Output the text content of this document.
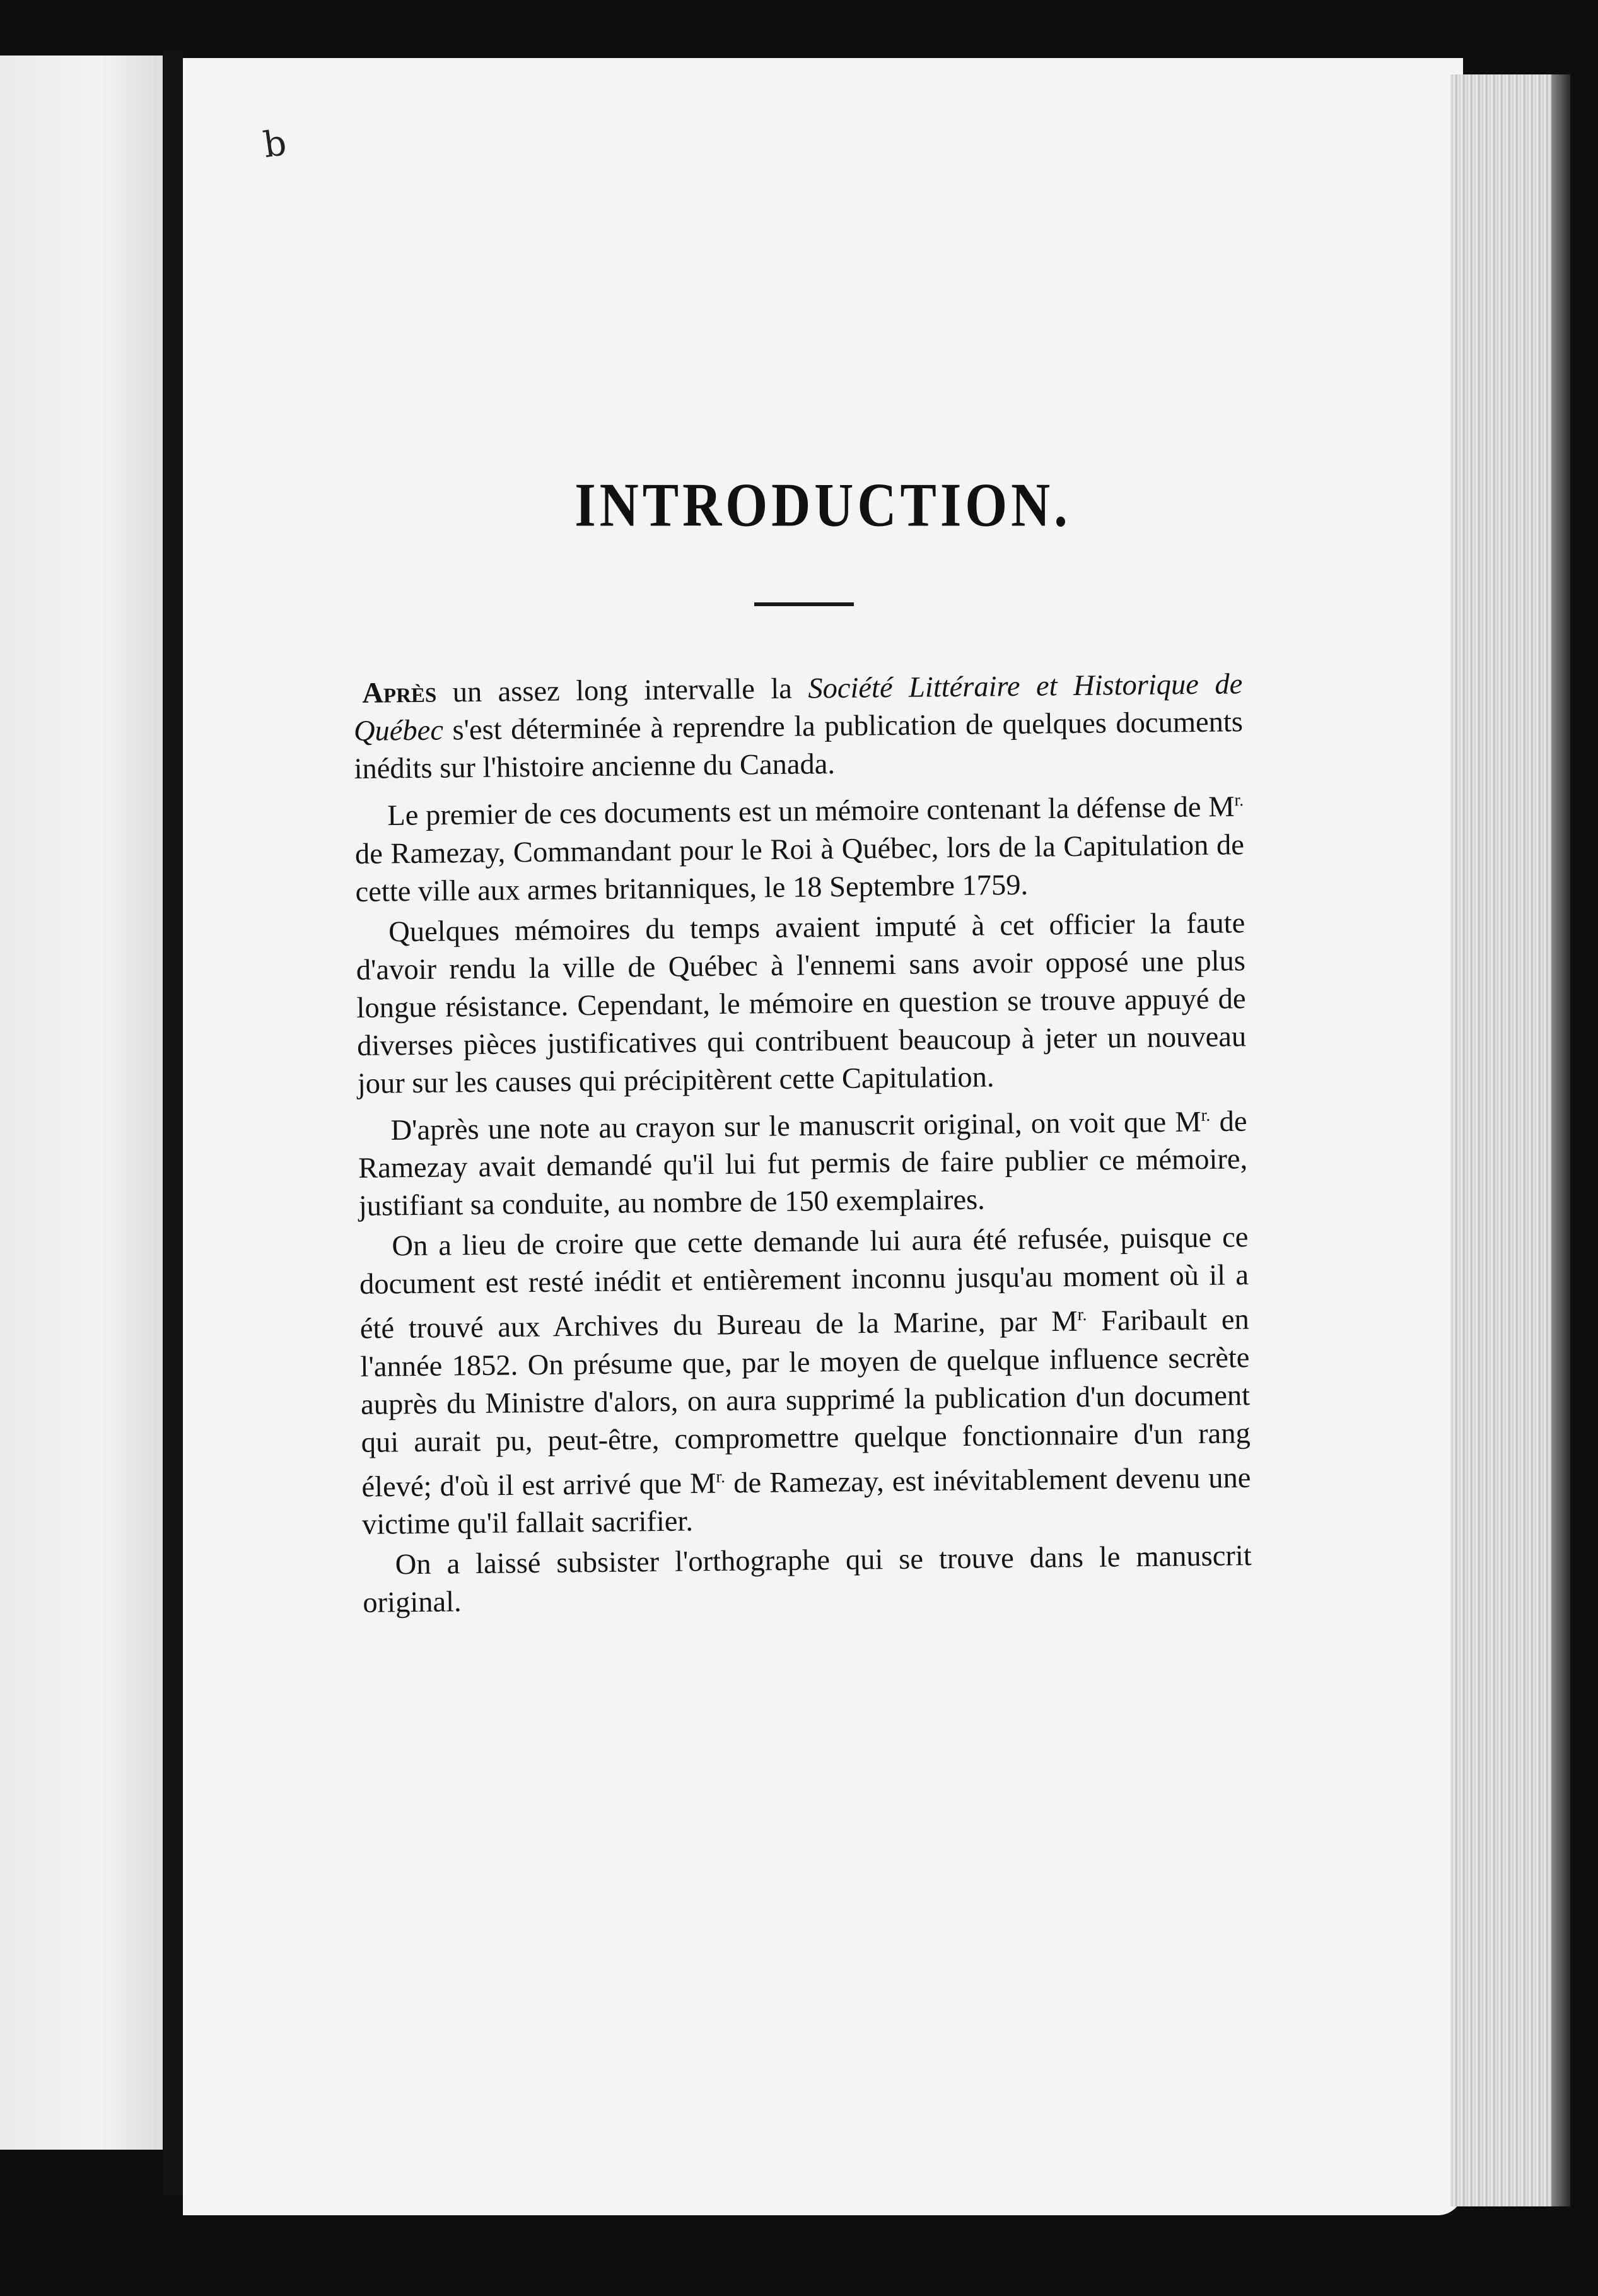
b
INTRODUCTION.

Après un assez long intervalle la Société Littéraire et Historique de Québec s'est déterminée à reprendre la publication de quelques documents inédits sur l'histoire ancienne du Canada.

Le premier de ces documents est un mémoire contenant la défense de $M^{r.}$ de Ramezay, Commandant pour le Roi à Québec, lors de la Capitulation de cette ville aux armes britanniques, le 18 Septembre 1759.

Quelques mémoires du temps avaient imputé à cet officier la faute d'avoir rendu la ville de Québec à l'ennemi sans avoir opposé une plus longue résistance. Cependant, le mémoire en question se trouve appuyé de diverses pièces justificatives qui contribuent beaucoup à jeter un nouveau jour sur les causes qui précipitèrent cette Capitulation.

D'après une note au crayon sur le manuscrit original, on voit que $M^{r.}$ de Ramezay avait demandé qu'il lui fut permis de faire publier ce mémoire, justifiant sa conduite, au nombre de 150 exemplaires.

On a lieu de croire que cette demande lui aura été refusée, puisque ce document est resté inédit et entièrement inconnu jusqu'au moment où il a été trouvé aux Archives du Bureau de la Marine, par $M^{r.}$ Faribault en l'année 1852. On présume que, par le moyen de quelque influence secrète auprès du Ministre d'alors, on aura supprimé la publication d'un document qui aurait pu, peut-être, compromettre quelque fonctionnaire d'un rang élevé; d'où il est arrivé que $M^{r.}$ de Ramezay, est inévitablement devenu une victime qu'il fallait sacrifier.

On a laissé subsister l'orthographe qui se trouve dans le manuscrit original.
